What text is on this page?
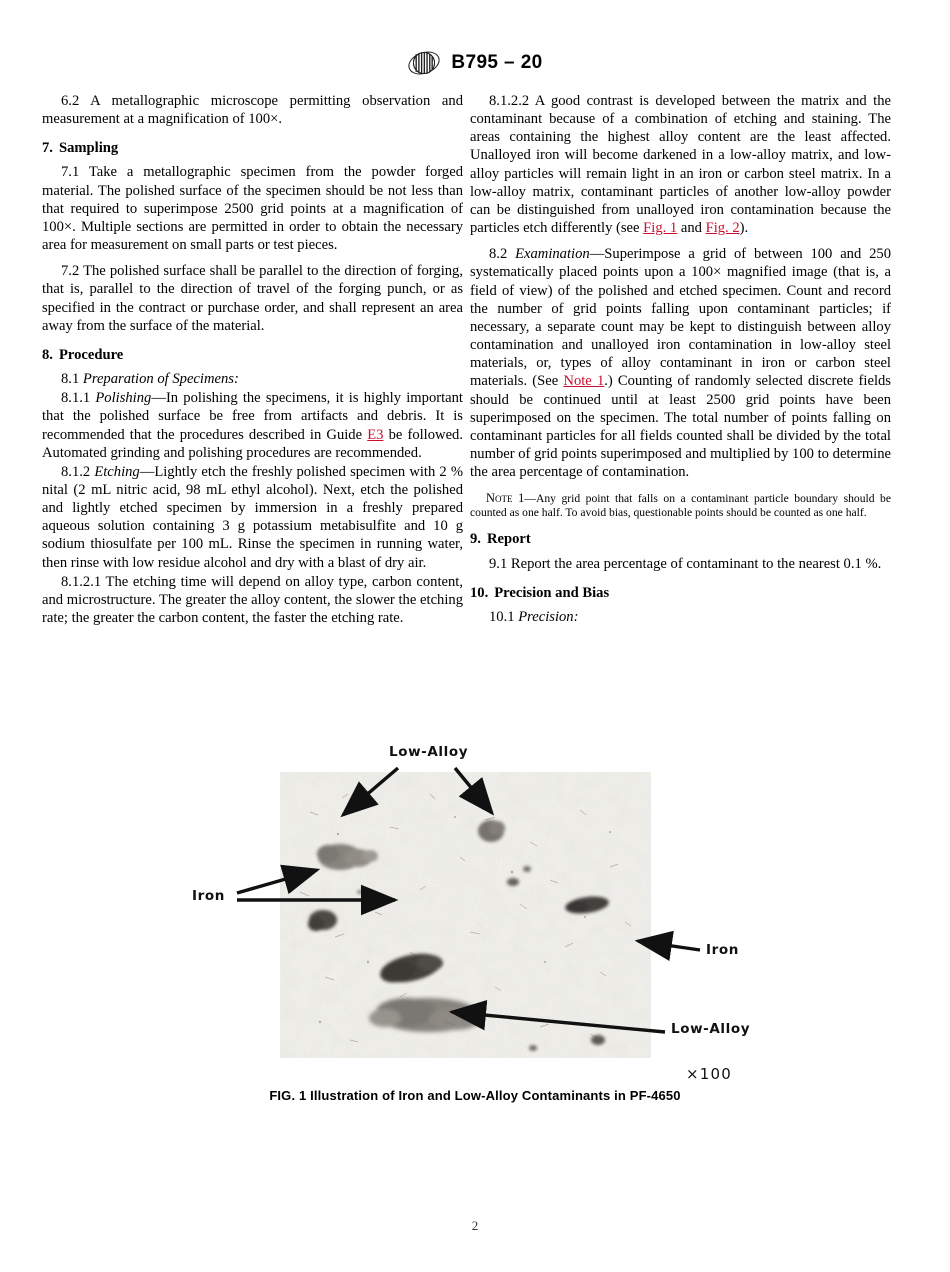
B795 – 20

6.2 A metallographic microscope permitting observation and measurement at a magnification of 100×.

7. Sampling

7.1 Take a metallographic specimen from the powder forged material. The polished surface of the specimen should be not less than that required to superimpose 2500 grid points at a magnification of 100×. Multiple sections are permitted in order to obtain the necessary area for measurement on small parts or test pieces.

7.2 The polished surface shall be parallel to the direction of forging, that is, parallel to the direction of travel of the forging punch, or as specified in the contract or purchase order, and shall represent an area away from the surface of the material.

8. Procedure

8.1 Preparation of Specimens:

8.1.1 Polishing—In polishing the specimens, it is highly important that the polished surface be free from artifacts and debris. It is recommended that the procedures described in Guide E3 be followed. Automated grinding and polishing procedures are recommended.

8.1.2 Etching—Lightly etch the freshly polished specimen with 2 % nital (2 mL nitric acid, 98 mL ethyl alcohol). Next, etch the polished and lightly etched specimen by immersion in a freshly prepared aqueous solution containing 3 g potassium metabisulfite and 10 g sodium thiosulfate per 100 mL. Rinse the specimen in running water, then rinse with low residue alcohol and dry with a blast of dry air.

8.1.2.1 The etching time will depend on alloy type, carbon content, and microstructure. The greater the alloy content, the slower the etching rate; the greater the carbon content, the faster the etching rate.

8.1.2.2 A good contrast is developed between the matrix and the contaminant because of a combination of etching and staining. The areas containing the highest alloy content are the least affected. Unalloyed iron will become darkened in a low-alloy matrix, and low-alloy particles will remain light in an iron or carbon steel matrix. In a low-alloy matrix, contaminant particles of another low-alloy powder can be distinguished from unalloyed iron contamination because the particles etch differently (see Fig. 1 and Fig. 2).

8.2 Examination—Superimpose a grid of between 100 and 250 systematically placed points upon a 100× magnified image (that is, a field of view) of the polished and etched specimen. Count and record the number of grid points falling upon contaminant particles; if necessary, a separate count may be kept to distinguish between alloy contamination and unalloyed iron contamination in low-alloy steel materials, or, types of alloy contaminant in iron or carbon steel materials. (See Note 1.) Counting of randomly selected discrete fields should be continued until at least 2500 grid points have been superimposed on the specimen. The total number of points falling on contaminant particles for all fields counted shall be divided by the total number of grid points superimposed and multiplied by 100 to determine the area percentage of contamination.

Note 1—Any grid point that falls on a contaminant particle boundary should be counted as one half. To avoid bias, questionable points should be counted as one half.

9. Report

9.1 Report the area percentage of contaminant to the nearest 0.1 %.

10. Precision and Bias

10.1 Precision:

Low-Alloy
Iron
Iron
Low-Alloy
×100
FIG. 1 Illustration of Iron and Low-Alloy Contaminants in PF-4650
2
